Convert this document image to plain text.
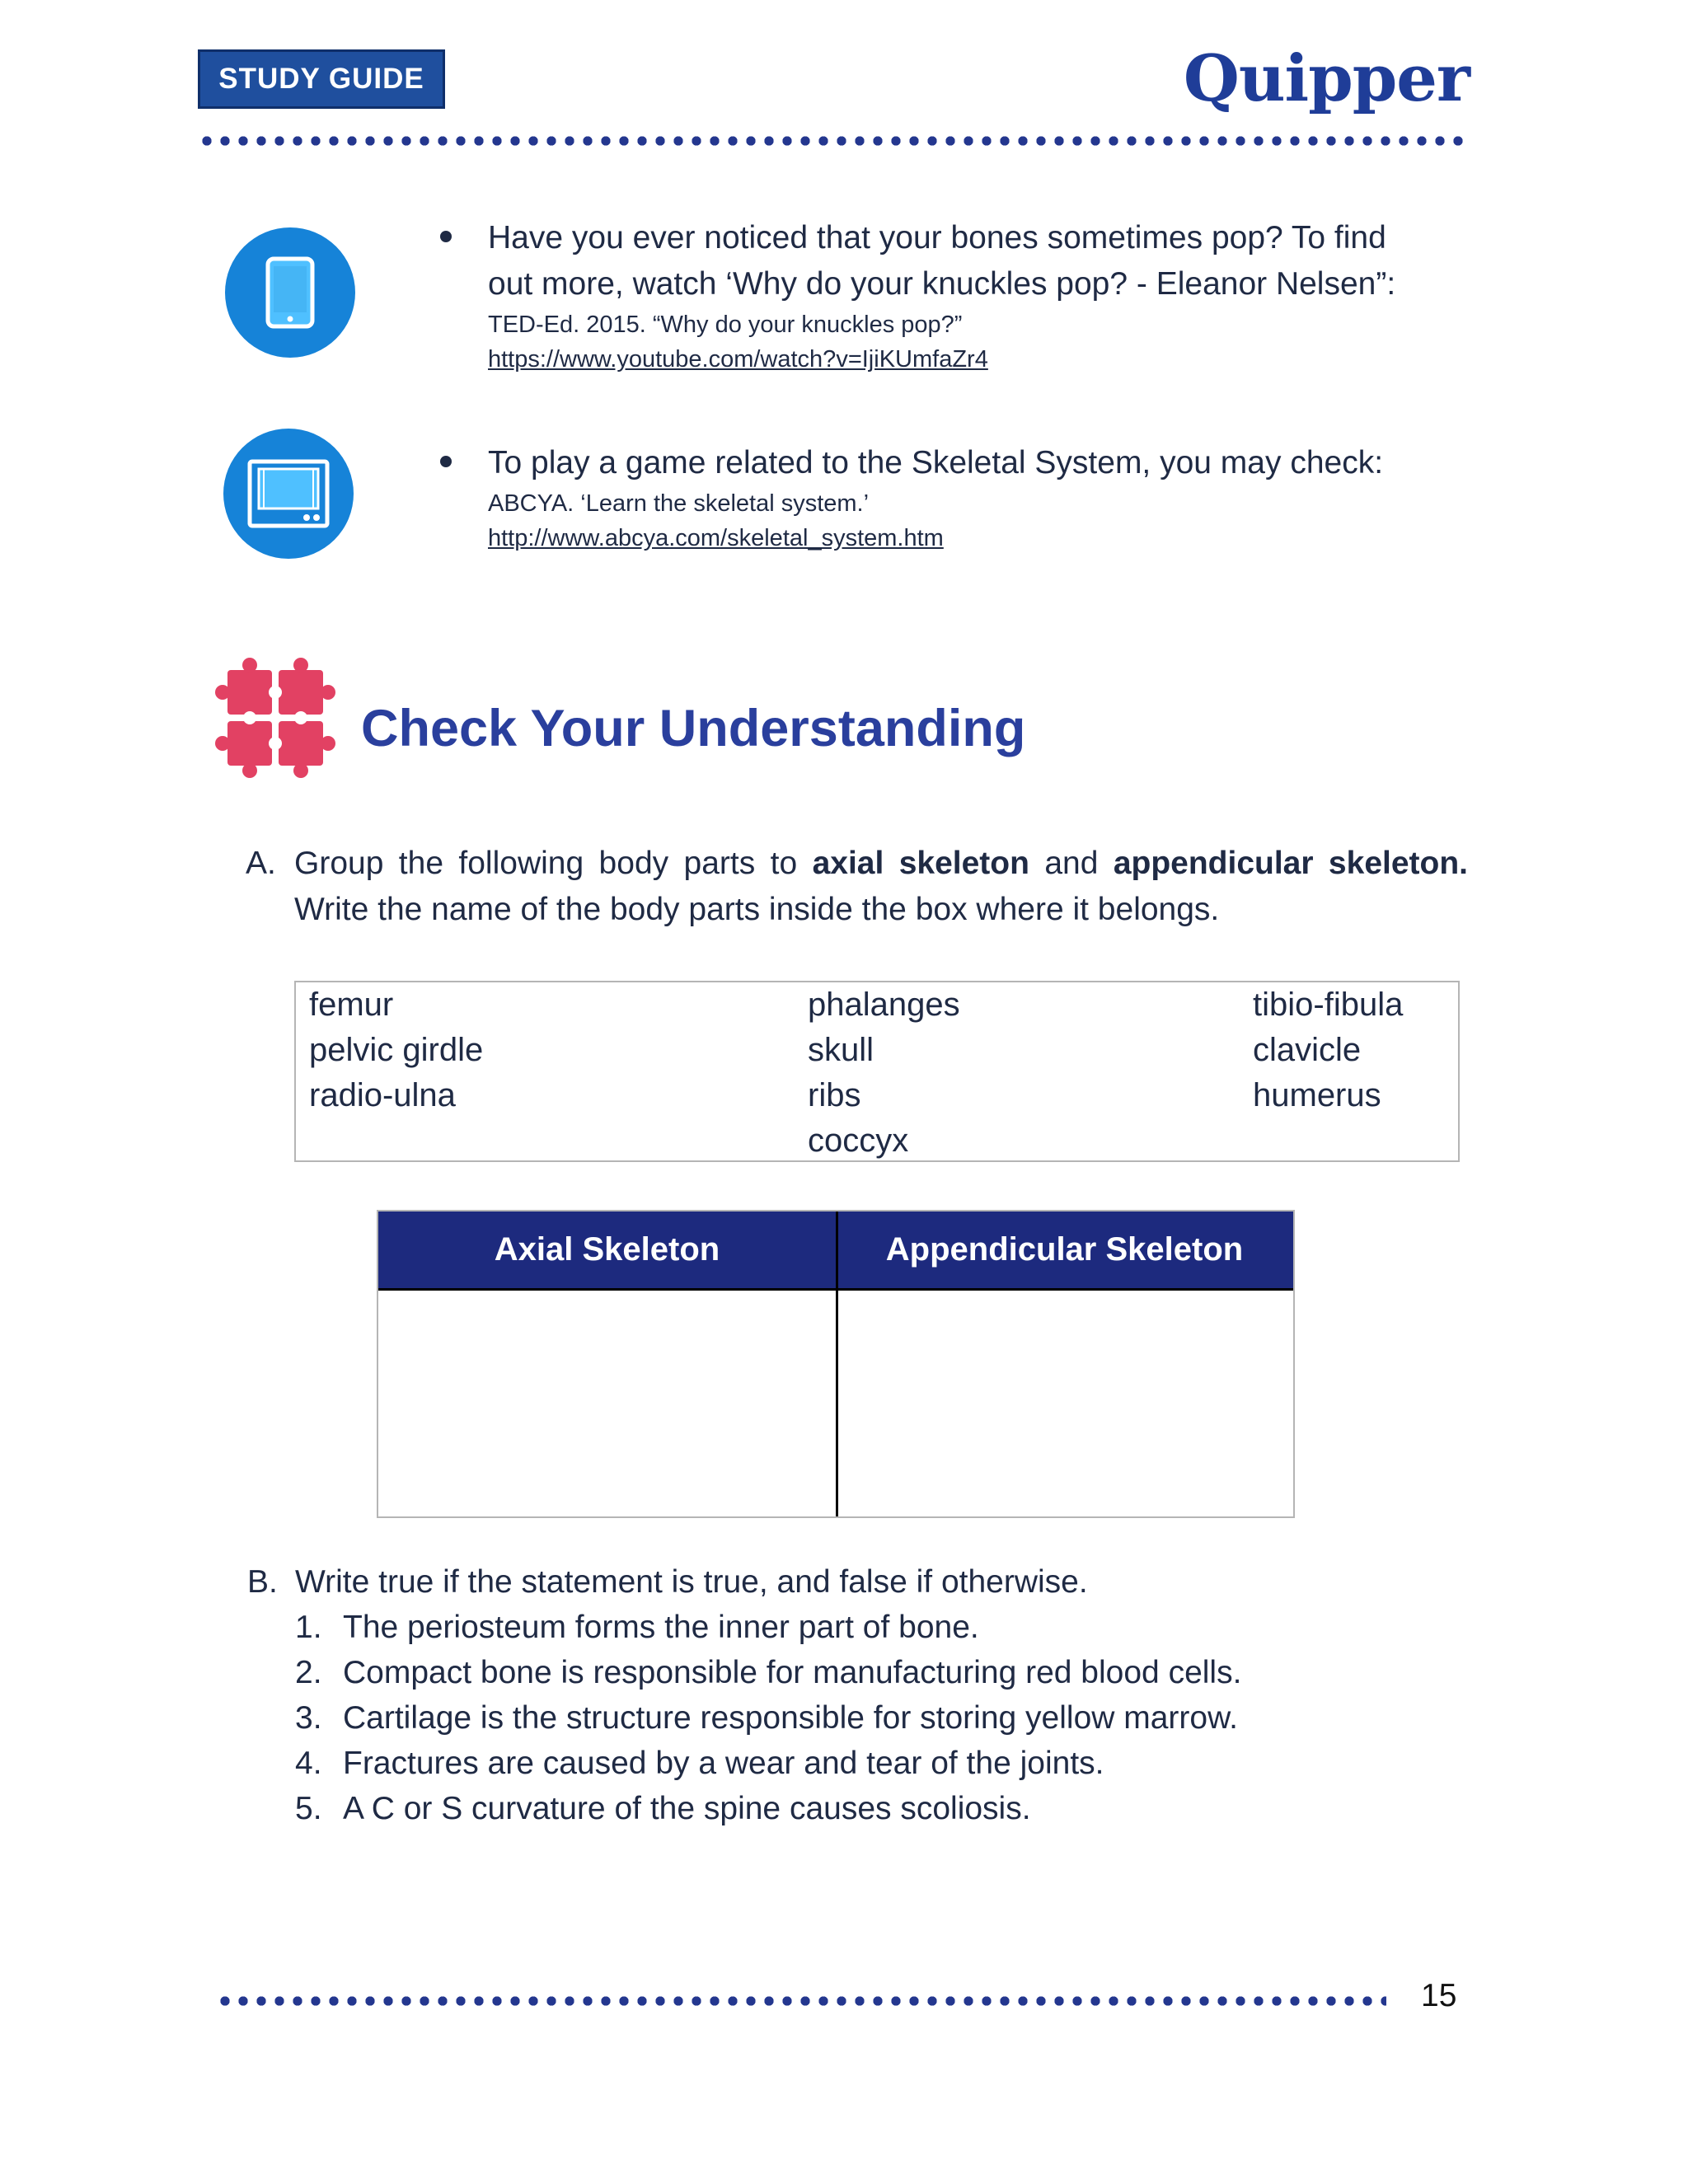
STUDY GUIDE	Quipper
Have you ever noticed that your bones sometimes pop? To find
out more, watch ‘Why do your knuckles pop? - Eleanor Nelsen”:
TED-Ed. 2015. “Why do your knuckles pop?”
https://www.youtube.com/watch?v=IjiKUmfaZr4
To play a game related to the Skeletal System, you may check:
ABCYA. ‘Learn the skeletal system.’
http://www.abcya.com/skeletal_system.htm
Check Your Understanding
A. Group the following body parts to axial skeleton and appendicular skeleton. Write the name of the body parts inside the box where it belongs.
femur
pelvic girdle
radio-ulna
phalanges
skull
ribs
coccyx
tibio-fibula
clavicle
humerus
Axial Skeleton	Appendicular Skeleton
B. Write true if the statement is true, and false if otherwise.
1. The periosteum forms the inner part of bone.
2. Compact bone is responsible for manufacturing red blood cells.
3. Cartilage is the structure responsible for storing yellow marrow.
4. Fractures are caused by a wear and tear of the joints.
5. A C or S curvature of the spine causes scoliosis.
15
